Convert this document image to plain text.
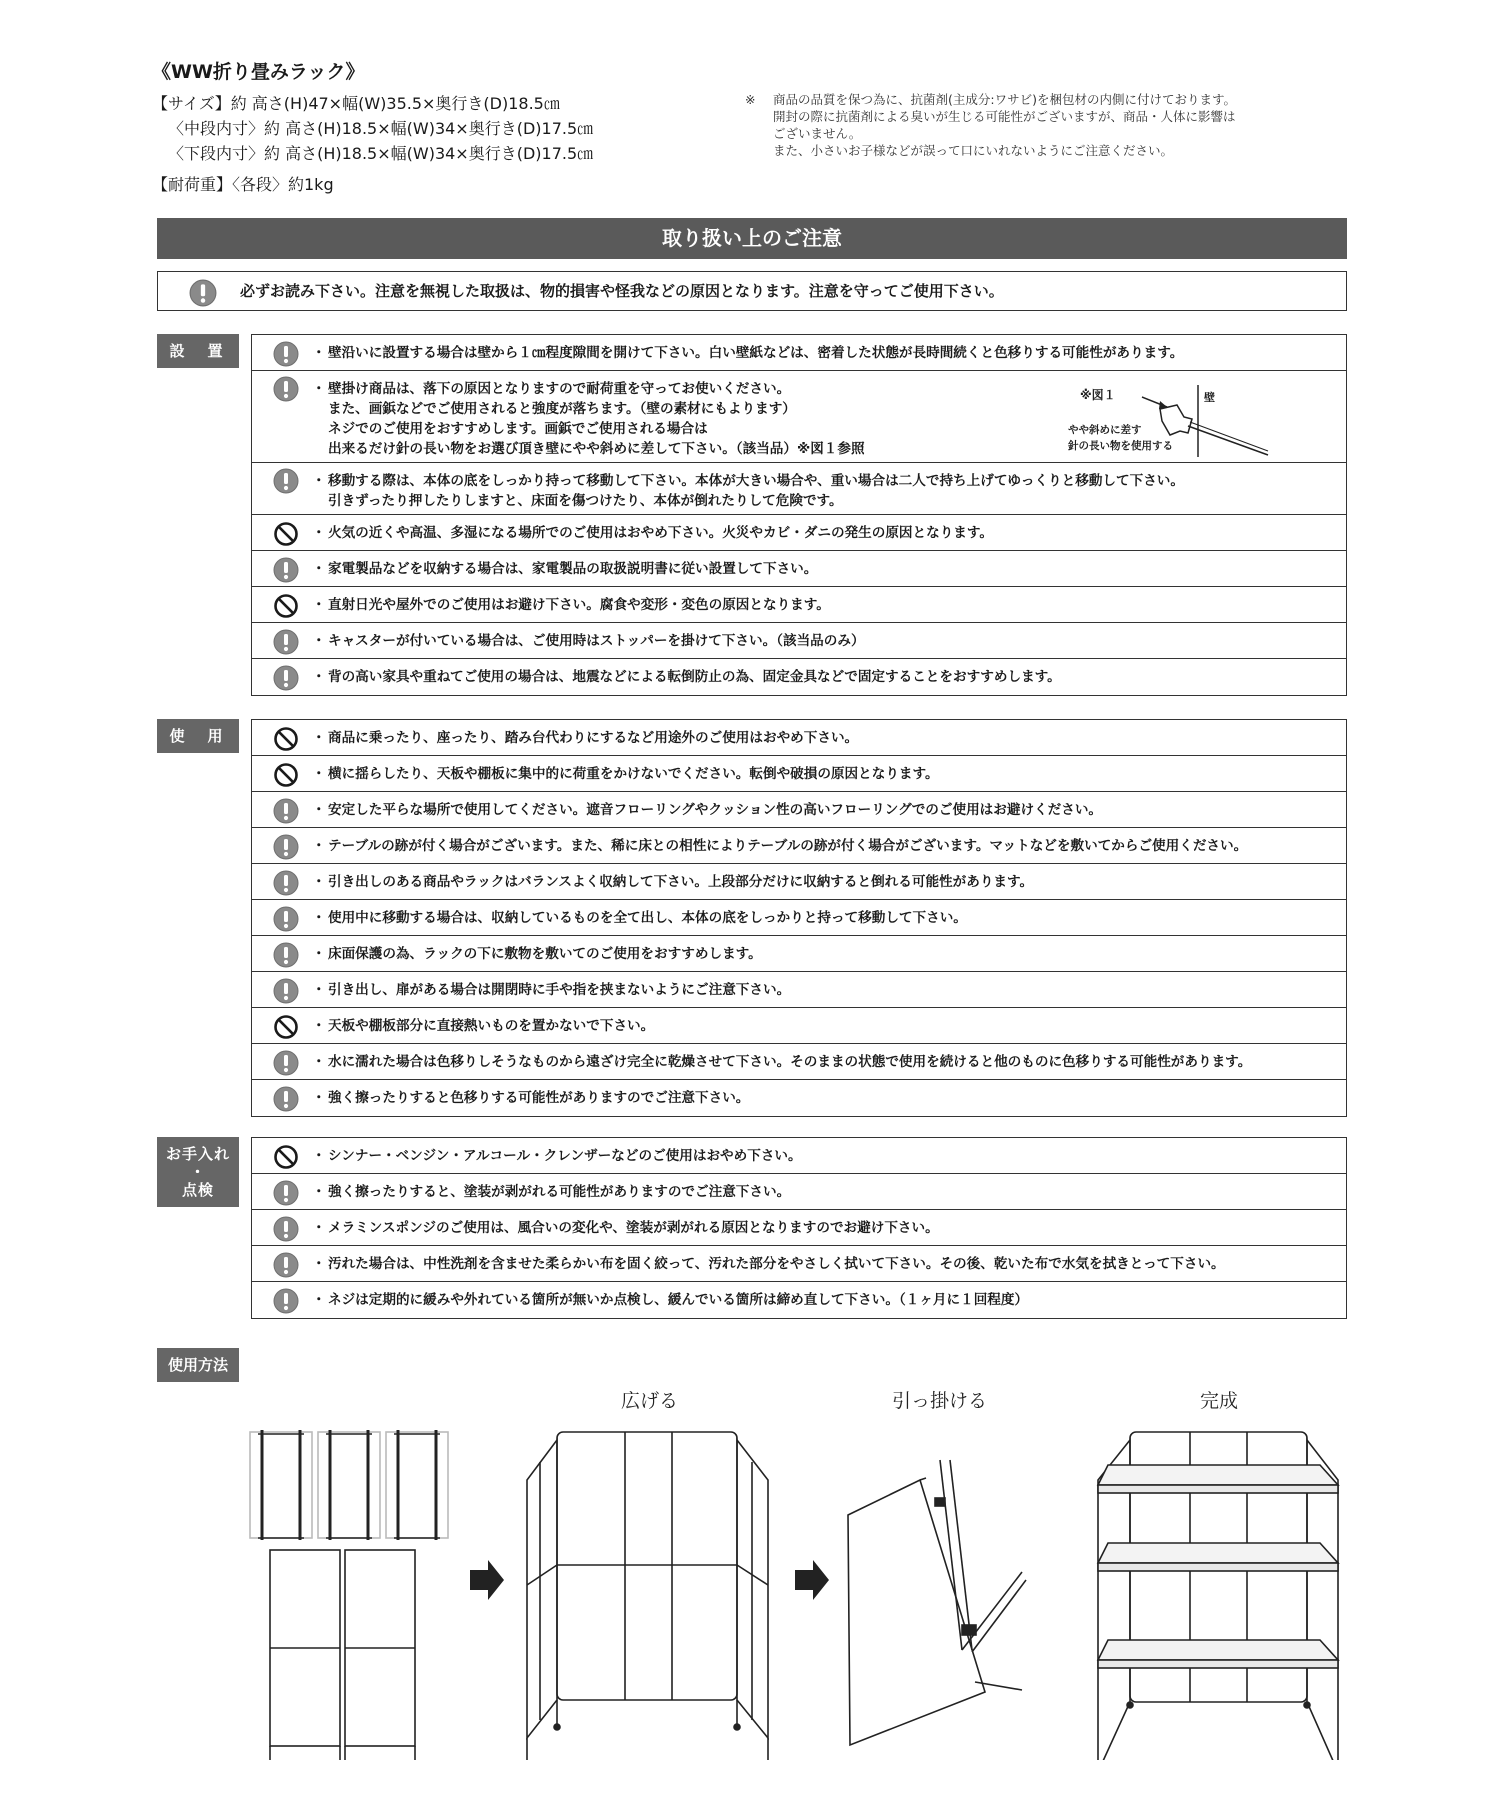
《WW折り畳みラック》
【サイズ】約 高さ(H)47×幅(W)35.5×奥行き(D)18.5㎝
〈中段内寸〉約 高さ(H)18.5×幅(W)34×奥行き(D)17.5㎝
〈下段内寸〉約 高さ(H)18.5×幅(W)34×奥行き(D)17.5㎝
【耐荷重】〈各段〉約1kg
※ 商品の品質を保つ為に、抗菌剤(主成分:ワサビ)を梱包材の内側に付けております。
開封の際に抗菌剤による臭いが生じる可能性がございますが、商品・人体に影響は
ございません。
また、小さいお子様などが誤って口にいれないようにご注意ください。
取り扱い上のご注意
必ずお読み下さい。注意を無視した取扱は、物的損害や怪我などの原因となります。注意を守ってご使用下さい。
設　置	・ 壁沿いに設置する場合は壁から１㎝程度隙間を開けて下さい。白い壁紙などは、密着した状態が長時間続くと色移りする可能性があります。
・ 壁掛け商品は、落下の原因となりますので耐荷重を守ってお使いください。
また、画鋲などでご使用されると強度が落ちます。（壁の素材にもよります）
ネジでのご使用をおすすめします。画鋲でご使用される場合は
出来るだけ針の長い物をお選び頂き壁にやや斜めに差して下さい。（該当品）※図１参照
※図１	壁
やや斜めに差す
針の長い物を使用する
・ 移動する際は、本体の底をしっかり持って移動して下さい。本体が大きい場合や、重い場合は二人で持ち上げてゆっくりと移動して下さい。
引きずったり押したりしますと、床面を傷つけたり、本体が倒れたりして危険です。
・ 火気の近くや高温、多湿になる場所でのご使用はおやめ下さい。火災やカビ・ダニの発生の原因となります。
・ 家電製品などを収納する場合は、家電製品の取扱説明書に従い設置して下さい。
・ 直射日光や屋外でのご使用はお避け下さい。腐食や変形・変色の原因となります。
・ キャスターが付いている場合は、ご使用時はストッパーを掛けて下さい。（該当品のみ）
・ 背の高い家具や重ねてご使用の場合は、地震などによる転倒防止の為、固定金具などで固定することをおすすめします。
使　用	・ 商品に乗ったり、座ったり、踏み台代わりにするなど用途外のご使用はおやめ下さい。
・ 横に揺らしたり、天板や棚板に集中的に荷重をかけないでください。転倒や破損の原因となります。
・ 安定した平らな場所で使用してください。遮音フローリングやクッション性の高いフローリングでのご使用はお避けください。
・ テーブルの跡が付く場合がございます。また、稀に床との相性によりテーブルの跡が付く場合がございます。マットなどを敷いてからご使用ください。
・ 引き出しのある商品やラックはバランスよく収納して下さい。上段部分だけに収納すると倒れる可能性があります。
・ 使用中に移動する場合は、収納しているものを全て出し、本体の底をしっかりと持って移動して下さい。
・ 床面保護の為、ラックの下に敷物を敷いてのご使用をおすすめします。
・ 引き出し、扉がある場合は開閉時に手や指を挟まないようにご注意下さい。
・ 天板や棚板部分に直接熱いものを置かないで下さい。
・ 水に濡れた場合は色移りしそうなものから遠ざけ完全に乾燥させて下さい。そのままの状態で使用を続けると他のものに色移りする可能性があります。
・ 強く擦ったりすると色移りする可能性がありますのでご注意下さい。
お手入れ
・
点検
・ シンナー・ベンジン・アルコール・クレンザーなどのご使用はおやめ下さい。
・ 強く擦ったりすると、塗装が剥がれる可能性がありますのでご注意下さい。
・ メラミンスポンジのご使用は、風合いの変化や、塗装が剥がれる原因となりますのでお避け下さい。
・ 汚れた場合は、中性洗剤を含ませた柔らかい布を固く絞って、汚れた部分をやさしく拭いて下さい。その後、乾いた布で水気を拭きとって下さい。
・ ネジは定期的に緩みや外れている箇所が無いか点検し、緩んでいる箇所は締め直して下さい。（１ヶ月に１回程度）
使用方法
広げる	引っ掛ける	完成
